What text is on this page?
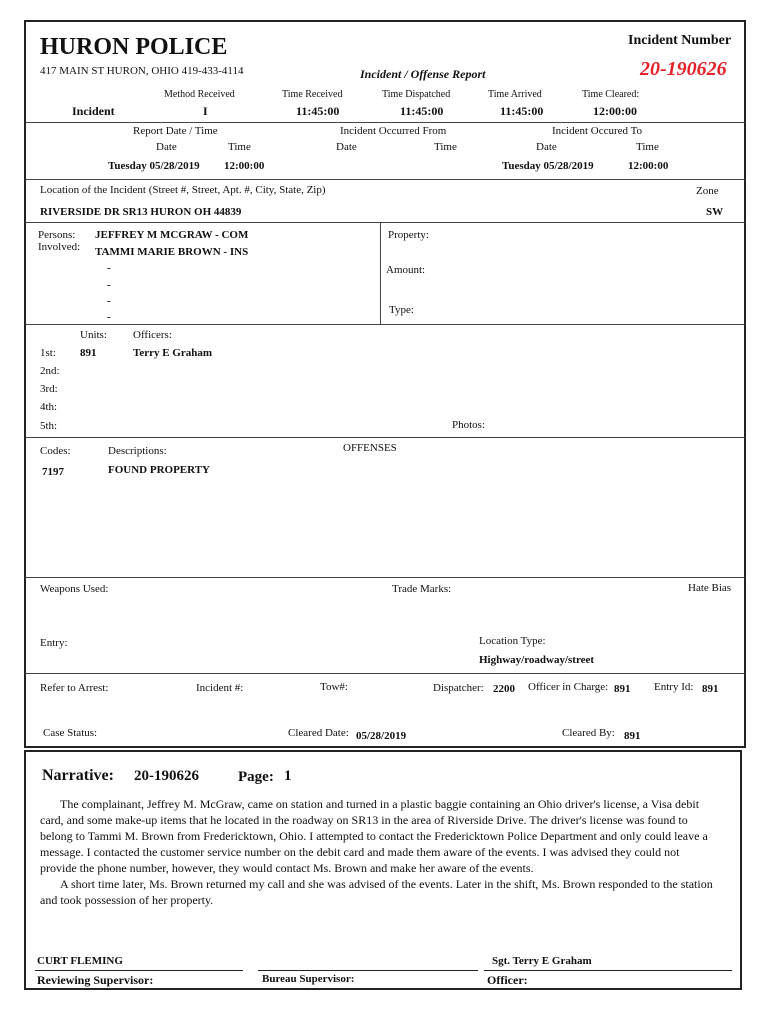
HURON POLICE
417 MAIN ST HURON, OHIO 419-433-4114	Incident / Offense Report
Incident Number
20-190626
Method Received	Time Received	Time Dispatched	Time Arrived	Time Cleared:
Incident	I	11:45:00	11:45:00	11:45:00	12:00:00
Report Date / Time	Incident Occurred From	Incident Occured To
Date	Time	Date	Time	Date	Time
Tuesday 05/28/2019 12:00:00	Tuesday 05/28/2019	12:00:00
Location of the Incident (Street #, Street, Apt. #, City, State, Zip)	Zone
RIVERSIDE DR SR13 HURON OH 44839	SW
Persons:
Involved:
JEFFREY M MCGRAW - COM
TAMMI MARIE BROWN - INS
-
-
-
-
Property:
Amount:
Type:
Units: Officers:
1st: 891	Terry E Graham
2nd:
3rd:
4th:
5th:	Photos:
Codes:	Descriptions:	OFFENSES
7197	FOUND PROPERTY
Weapons Used:	Trade Marks:	Hate Bias
Entry:	Location Type:
Highway/roadway/street
Refer to Arrest:	Incident #:	Tow#:	Dispatcher: 2200 Officer in Charge: 891 Entry Id: 891
Case Status:	Cleared Date: 05/28/2019	Cleared By: 891
Narrative: 20-190626	Page: 1

The complainant, Jeffrey M. McGraw, came on station and turned in a plastic baggie containing an Ohio driver's license, a Visa debit card, and some make-up items that he located in the roadway on SR13 in the area of Riverside Drive. The driver's license was found to belong to Tammi M. Brown from Fredericktown, Ohio. I attempted to contact the Fredericktown Police Department and only could leave a message. I contacted the customer service number on the debit card and made them aware of the events. I was advised they could not provide the phone number, however, they would contact Ms. Brown and make her aware of the events.

A short time later, Ms. Brown returned my call and she was advised of the events. Later in the shift, Ms. Brown responded to the station and took possession of her property.

CURT FLEMING
Reviewing Supervisor:	Bureau Supervisor:
Sgt. Terry E Graham
Officer:
